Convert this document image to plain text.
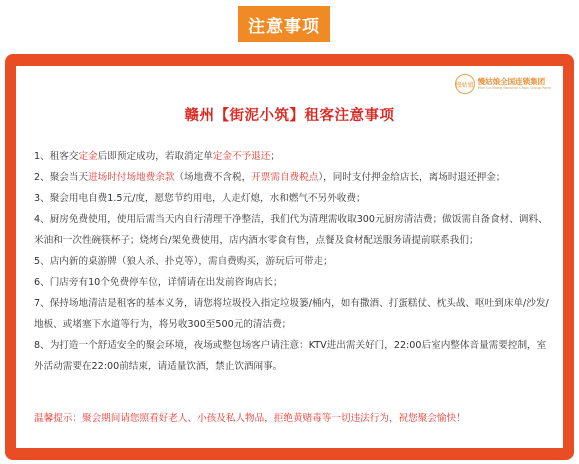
注意事项
慢姑娘 慢姑娘全国连锁集团
Man Gu Niang National Chain Group Party
赣州【街泥小筑】租客注意事项

1、租客交定金后即预定成功，若取消定单定金不予退还；

2、聚会当天进场时付场地费余款（场地费不含税，开票需自费税点），同时支付押金给店长，离场时退还押金；

3、聚会用电自费1.5元/度，愿您节约用电，人走灯熄，水和燃气不另外收费；

4、厨房免费使用，使用后需当天内自行清理干净整洁，我们代为清理需收取300元厨房清洁费；做饭需自备食材、调料、米油和一次性碗筷杯子；烧烤台/架免费使用，店内酒水零食有售，点餐及食材配送服务请提前联系我们；

5、店内新的桌游牌（狼人杀、扑克等），需自费购买，游玩后可带走；

6、门店旁有10个免费停车位，详情请在出发前咨询店长；

7、保持场地清洁是租客的基本义务，请您将垃圾投入指定垃圾篓/桶内，如有撒酒、打蛋糕仗、枕头战、呕吐到床单/沙发/地板、或堵塞下水道等行为，将另收300至500元的清洁费；

8、为打造一个舒适安全的聚会环境，夜场或整包场客户请注意：KTV进出需关好门，22:00后室内整体音量需要控制，室外活动需要在22:00前结束，请适量饮酒，禁止饮酒闹事。

温馨提示：聚会期间请您照看好老人、小孩及私人物品，拒绝黄赌毒等一切违法行为，祝您聚会愉快！
